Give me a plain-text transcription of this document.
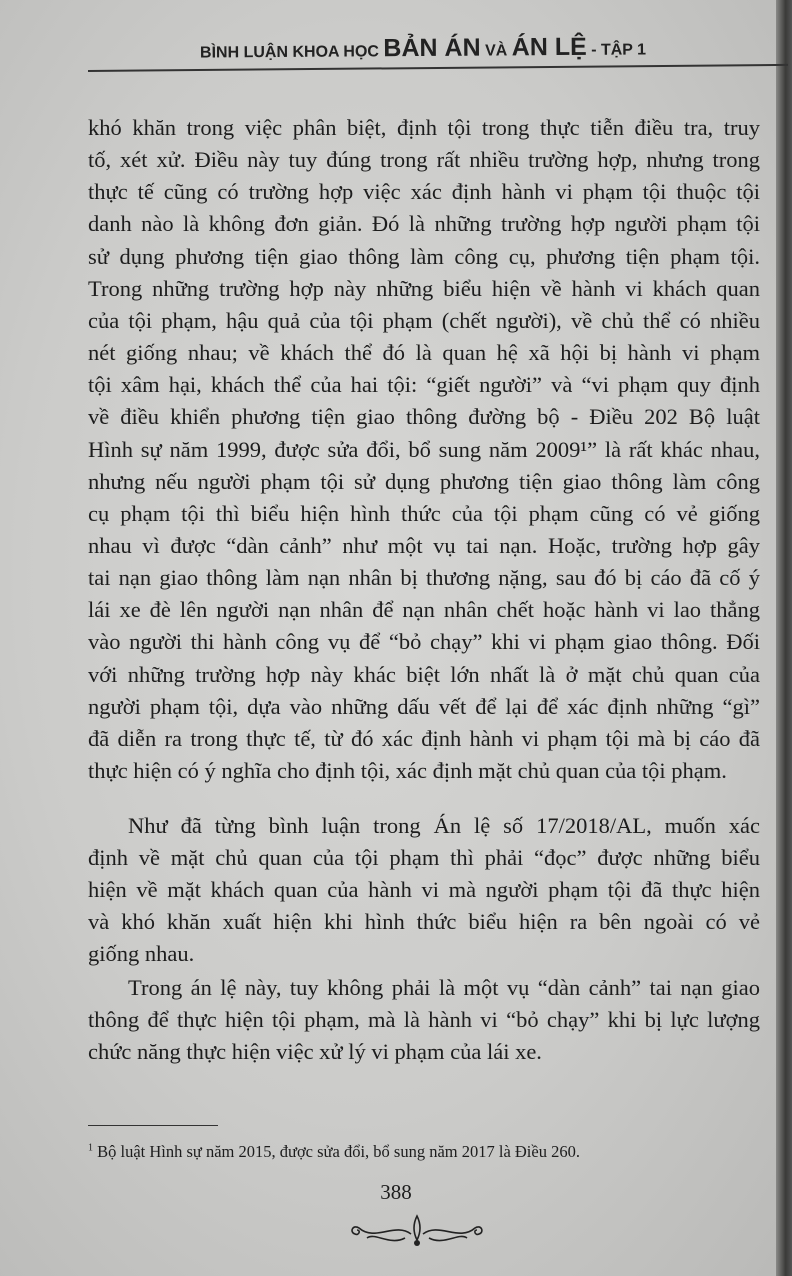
BÌNH LUẬN KHOA HỌC BẢN ÁN VÀ ÁN LỆ - TẬP 1
khó khăn trong việc phân biệt, định tội trong thực tiễn điều tra, truy
tố, xét xử. Điều này tuy đúng trong rất nhiều trường hợp, nhưng trong
thực tế cũng có trường hợp việc xác định hành vi phạm tội thuộc tội
danh nào là không đơn giản. Đó là những trường hợp người phạm tội
sử dụng phương tiện giao thông làm công cụ, phương tiện phạm tội.
Trong những trường hợp này những biểu hiện về hành vi khách quan
của tội phạm, hậu quả của tội phạm (chết người), về chủ thể có nhiều
nét giống nhau; về khách thể đó là quan hệ xã hội bị hành vi phạm
tội xâm hại, khách thể của hai tội: “giết người” và “vi phạm quy định
về điều khiển phương tiện giao thông đường bộ - Điều 202 Bộ luật
Hình sự năm 1999, được sửa đổi, bổ sung năm 2009¹” là rất khác nhau,
nhưng nếu người phạm tội sử dụng phương tiện giao thông làm công
cụ phạm tội thì biểu hiện hình thức của tội phạm cũng có vẻ giống
nhau vì được “dàn cảnh” như một vụ tai nạn. Hoặc, trường hợp gây
tai nạn giao thông làm nạn nhân bị thương nặng, sau đó bị cáo đã cố ý
lái xe đè lên người nạn nhân để nạn nhân chết hoặc hành vi lao thẳng
vào người thi hành công vụ để “bỏ chạy” khi vi phạm giao thông. Đối
với những trường hợp này khác biệt lớn nhất là ở mặt chủ quan của
người phạm tội, dựa vào những dấu vết để lại để xác định những “gì”
đã diễn ra trong thực tế, từ đó xác định hành vi phạm tội mà bị cáo đã
thực hiện có ý nghĩa cho định tội, xác định mặt chủ quan của tội phạm.
Như đã từng bình luận trong Án lệ số 17/2018/AL, muốn xác
định về mặt chủ quan của tội phạm thì phải “đọc” được những biểu
hiện về mặt khách quan của hành vi mà người phạm tội đã thực hiện
và khó khăn xuất hiện khi hình thức biểu hiện ra bên ngoài có vẻ
giống nhau.
Trong án lệ này, tuy không phải là một vụ “dàn cảnh” tai nạn giao
thông để thực hiện tội phạm, mà là hành vi “bỏ chạy” khi bị lực lượng
chức năng thực hiện việc xử lý vi phạm của lái xe.
$^1$ Bộ luật Hình sự năm 2015, được sửa đổi, bổ sung năm 2017 là Điều 260.
388
